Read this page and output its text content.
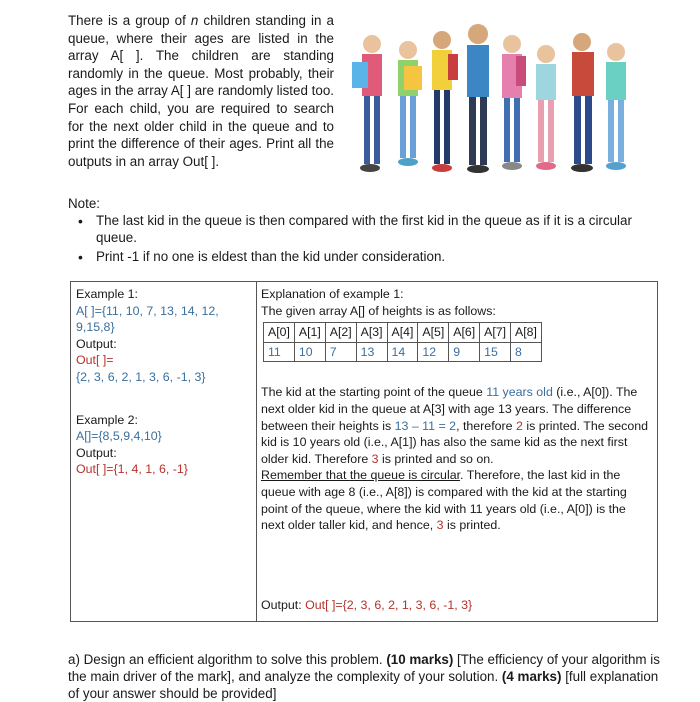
There is a group of n children standing in a queue, where their ages are listed in the array A[ ]. The children are standing randomly in the queue. Most probably, their ages in the array A[ ] are randomly listed too. For each child, you are required to search for the next older child in the queue and to print the difference of their ages. Print all the outputs in an array Out[ ].
Note:
• The last kid in the queue is then compared with the first kid in the queue as if it is a circular queue.
• Print -1 if no one is eldest than the kid under consideration.
Example 1:
A[ ]={11, 10, 7, 13, 14, 12, 9,15,8}
Output:
Out[ ]=
{2, 3, 6, 2, 1, 3, 6, -1, 3}
Example 2:
A[]={8,5,9,4,10}
Output:
Out[ ]={1, 4, 1, 6, -1}
Explanation of example 1:
The given array A[] of heights is as follows:
A[0]	A[1]	A[2]	A[3]	A[4]	A[5]	A[6]	A[7]	A[8]
11	10	7	13	14	12	9	15	8
The kid at the starting point of the queue 11 years old (i.e., A[0]). The next older kid in the queue at A[3] with age 13 years. The difference between their heights is 13 – 11 = 2, therefore 2 is printed. The second kid is 10 years old (i.e., A[1]) has also the same kid as the next first older kid. Therefore 3 is printed and so on.
Remember that the queue is circular. Therefore, the last kid in the queue with age 8 (i.e., A[8]) is compared with the kid at the starting point of the queue, where the kid with 11 years old (i.e., A[0]) is the next older taller kid, and hence, 3 is printed.
Output: Out[ ]={2, 3, 6, 2, 1, 3, 6, -1, 3}
a) Design an efficient algorithm to solve this problem. (10 marks) [The efficiency of your algorithm is the main driver of the mark], and analyze the complexity of your solution. (4 marks) [full explanation of your answer should be provided]
